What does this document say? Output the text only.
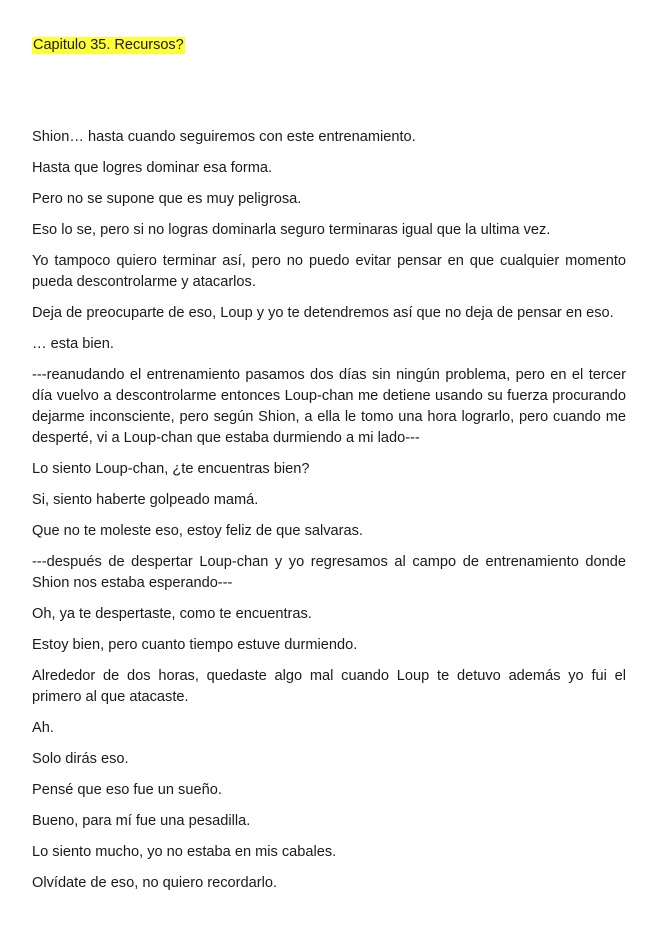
Capitulo 35. Recursos?

Shion… hasta cuando seguiremos con este entrenamiento.

Hasta que logres dominar esa forma.

Pero no se supone que es muy peligrosa.

Eso lo se, pero si no logras dominarla seguro terminaras igual que la ultima vez.

Yo tampoco quiero terminar así, pero no puedo evitar pensar en que cualquier momento pueda descontrolarme y atacarlos.

Deja de preocuparte de eso, Loup y yo te detendremos así que no deja de pensar en eso.

… esta bien.

---reanudando el entrenamiento pasamos dos días sin ningún problema, pero en el tercer día vuelvo a descontrolarme entonces Loup-chan me detiene usando su fuerza procurando dejarme inconsciente, pero según Shion, a ella le tomo una hora lograrlo, pero cuando me desperté, vi a Loup-chan que estaba durmiendo a mi lado---

Lo siento Loup-chan, ¿te encuentras bien?

Si, siento haberte golpeado mamá.

Que no te moleste eso, estoy feliz de que salvaras.

---después de despertar Loup-chan y yo regresamos al campo de entrenamiento donde Shion nos estaba esperando---

Oh, ya te despertaste, como te encuentras.

Estoy bien, pero cuanto tiempo estuve durmiendo.

Alrededor de dos horas, quedaste algo mal cuando Loup te detuvo además yo fui el primero al que atacaste.

Ah.

Solo dirás eso.

Pensé que eso fue un sueño.

Bueno, para mí fue una pesadilla.

Lo siento mucho, yo no estaba en mis cabales.

Olvídate de eso, no quiero recordarlo.
